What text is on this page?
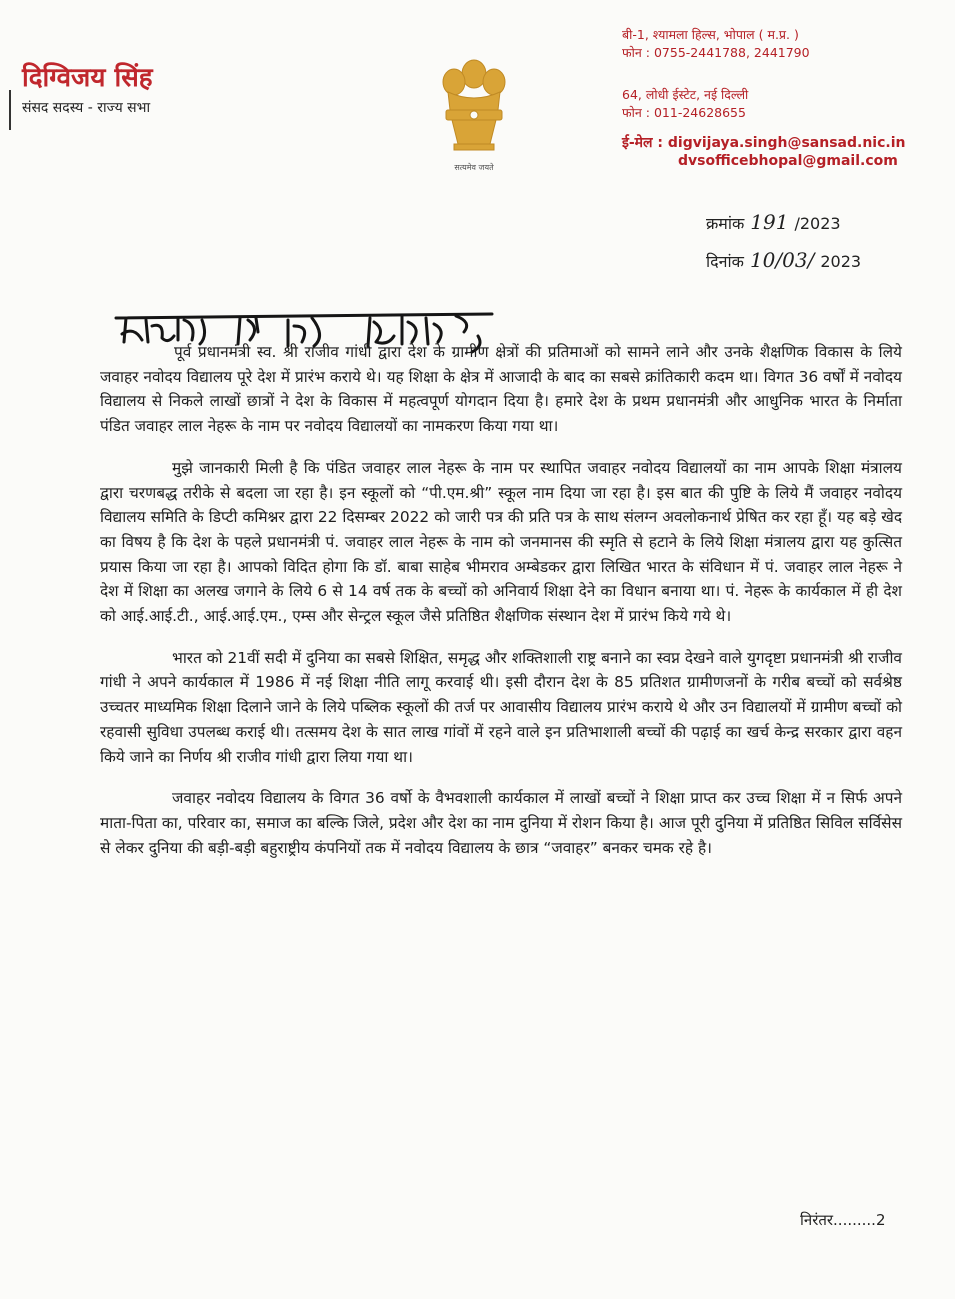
दिग्विजय सिंह

संसद सदस्य - राज्य सभा

सत्यमेव जयते

बी-1, श्यामला हिल्स, भोपाल ( म.प्र. )

फोन : 0755-2441788, 2441790

64, लोधी ईस्टेट, नई दिल्ली

फोन : 011-24628655

ई-मेल : digvijaya.singh@sansad.nic.in

dvsofficebhopal@gmail.com

क्रमांक 191 /2023

दिनांक 10/03/ 2023

पूर्व प्रधानमंत्री स्व. श्री राजीव गांधी द्वारा देश के ग्रामीण क्षेत्रों की प्रतिमाओं को सामने लाने और उनके शैक्षणिक विकास के लिये जवाहर नवोदय विद्यालय पूरे देश में प्रारंभ कराये थे। यह शिक्षा के क्षेत्र में आजादी के बाद का सबसे क्रांतिकारी कदम था। विगत 36 वर्षों में नवोदय विद्यालय से निकले लाखों छात्रों ने देश के विकास में महत्वपूर्ण योगदान दिया है। हमारे देश के प्रथम प्रधानमंत्री और आधुनिक भारत के निर्माता पंडित जवाहर लाल नेहरू के नाम पर नवोदय विद्यालयों का नामकरण किया गया था।

मुझे जानकारी मिली है कि पंडित जवाहर लाल नेहरू के नाम पर स्थापित जवाहर नवोदय विद्यालयों का नाम आपके शिक्षा मंत्रालय द्वारा चरणबद्ध तरीके से बदला जा रहा है। इन स्कूलों को “पी.एम.श्री” स्कूल नाम दिया जा रहा है। इस बात की पुष्टि के लिये मैं जवाहर नवोदय विद्यालय समिति के डिप्टी कमिश्नर द्वारा 22 दिसम्बर 2022 को जारी पत्र की प्रति पत्र के साथ संलग्न अवलोकनार्थ प्रेषित कर रहा हूँ। यह बड़े खेद का विषय है कि देश के पहले प्रधानमंत्री पं. जवाहर लाल नेहरू के नाम को जनमानस की स्मृति से हटाने के लिये शिक्षा मंत्रालय द्वारा यह कुत्सित प्रयास किया जा रहा है। आपको विदित होगा कि डॉ. बाबा साहेब भीमराव अम्बेडकर द्वारा लिखित भारत के संविधान में पं. जवाहर लाल नेहरू ने देश में शिक्षा का अलख जगाने के लिये 6 से 14 वर्ष तक के बच्चों को अनिवार्य शिक्षा देने का विधान बनाया था। पं. नेहरू के कार्यकाल में ही देश को आई.आई.टी., आई.आई.एम., एम्स और सेन्ट्रल स्कूल जैसे प्रतिष्ठित शैक्षणिक संस्थान देश में प्रारंभ किये गये थे।

भारत को 21वीं सदी में दुनिया का सबसे शिक्षित, समृद्ध और शक्तिशाली राष्ट्र बनाने का स्वप्न देखने वाले युगदृष्टा प्रधानमंत्री श्री राजीव गांधी ने अपने कार्यकाल में 1986 में नई शिक्षा नीति लागू करवाई थी। इसी दौरान देश के 85 प्रतिशत ग्रामीणजनों के गरीब बच्चों को सर्वश्रेष्ठ उच्चतर माध्यमिक शिक्षा दिलाने जाने के लिये पब्लिक स्कूलों की तर्ज पर आवासीय विद्यालय प्रारंभ कराये थे और उन विद्यालयों में ग्रामीण बच्चों को रहवासी सुविधा उपलब्ध कराई थी। तत्समय देश के सात लाख गांवों में रहने वाले इन प्रतिभाशाली बच्चों की पढ़ाई का खर्च केन्द्र सरकार द्वारा वहन किये जाने का निर्णय श्री राजीव गांधी द्वारा लिया गया था।

जवाहर नवोदय विद्यालय के विगत 36 वर्षो के वैभवशाली कार्यकाल में लाखों बच्चों ने शिक्षा प्राप्त कर उच्च शिक्षा में न सिर्फ अपने माता-पिता का, परिवार का, समाज का बल्कि जिले, प्रदेश और देश का नाम दुनिया में रोशन किया है। आज पूरी दुनिया में प्रतिष्ठित सिविल सर्विसेस से लेकर दुनिया की बड़ी-बड़ी बहुराष्ट्रीय कंपनियों तक में नवोदय विद्यालय के छात्र “जवाहर” बनकर चमक रहे है।

निरंतर.........2
